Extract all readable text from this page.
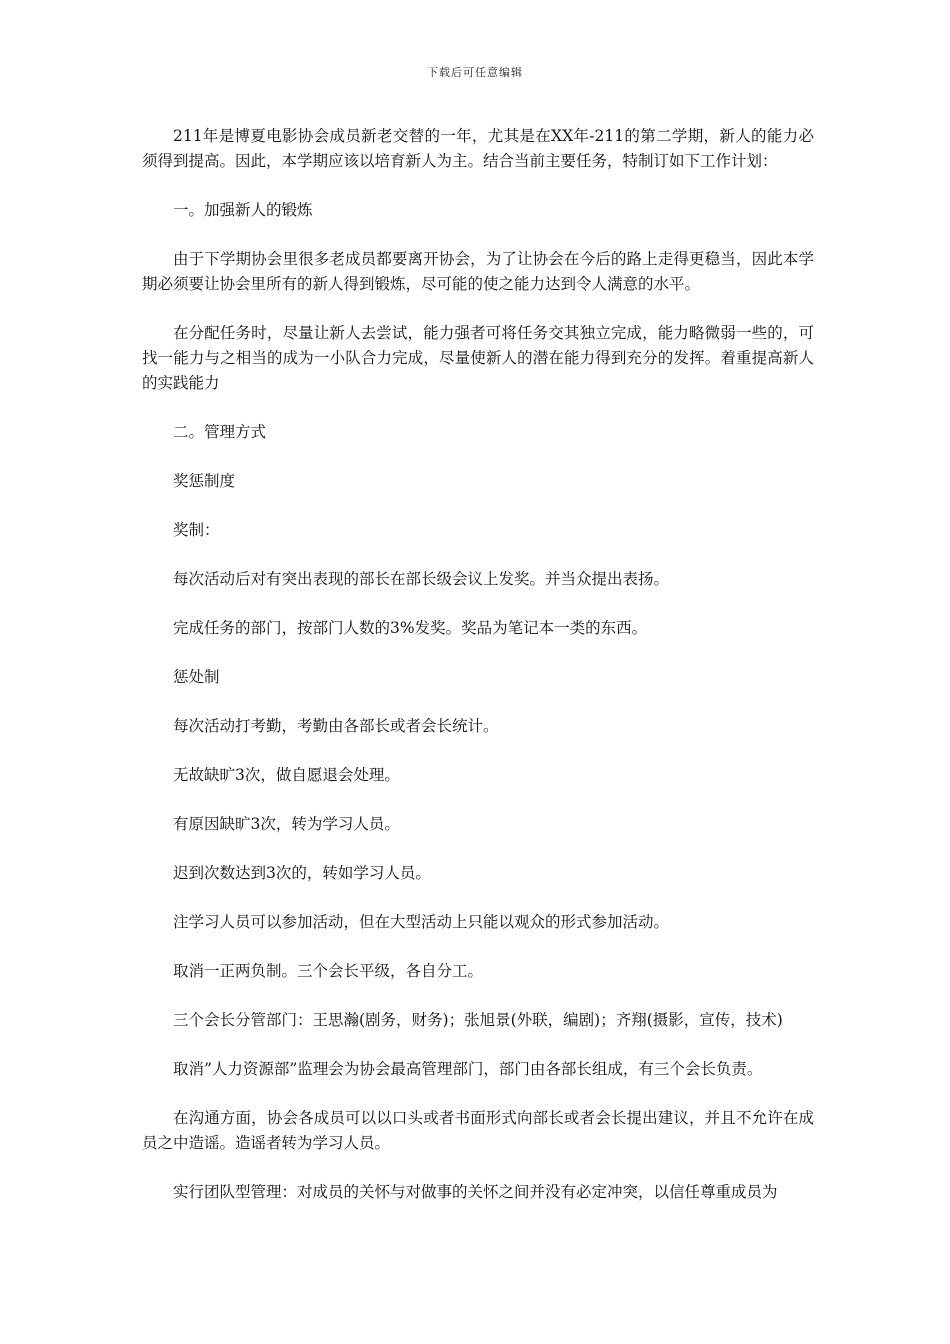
下载后可任意编辑

211年是博夏电影协会成员新老交替的一年，尤其是在XX年-211的第二学期，新人的能力必须得到提高。因此，本学期应该以培育新人为主。结合当前主要任务，特制订如下工作计划：

一。加强新人的锻炼

由于下学期协会里很多老成员都要离开协会，为了让协会在今后的路上走得更稳当，因此本学期必须要让协会里所有的新人得到锻炼，尽可能的使之能力达到令人满意的水平。

在分配任务时，尽量让新人去尝试，能力强者可将任务交其独立完成，能力略微弱一些的，可找一能力与之相当的成为一小队合力完成，尽量使新人的潜在能力得到充分的发挥。着重提高新人的实践能力

二。管理方式

奖惩制度

奖制：

每次活动后对有突出表现的部长在部长级会议上发奖。并当众提出表扬。

完成任务的部门，按部门人数的3%发奖。奖品为笔记本一类的东西。

惩处制

每次活动打考勤，考勤由各部长或者会长统计。

无故缺旷3次，做自愿退会处理。

有原因缺旷3次，转为学习人员。

迟到次数达到3次的，转如学习人员。

注学习人员可以参加活动，但在大型活动上只能以观众的形式参加活动。

取消一正两负制。三个会长平级，各自分工。

三个会长分管部门：王思瀚(剧务，财务)；张旭景(外联，编剧)；齐翔(摄影，宣传，技术)

取消”人力资源部”监理会为协会最高管理部门，部门由各部长组成，有三个会长负责。

在沟通方面，协会各成员可以以口头或者书面形式向部长或者会长提出建议，并且不允许在成员之中造谣。造谣者转为学习人员。

实行团队型管理：对成员的关怀与对做事的关怀之间并没有必定冲突，以信任尊重成员为
